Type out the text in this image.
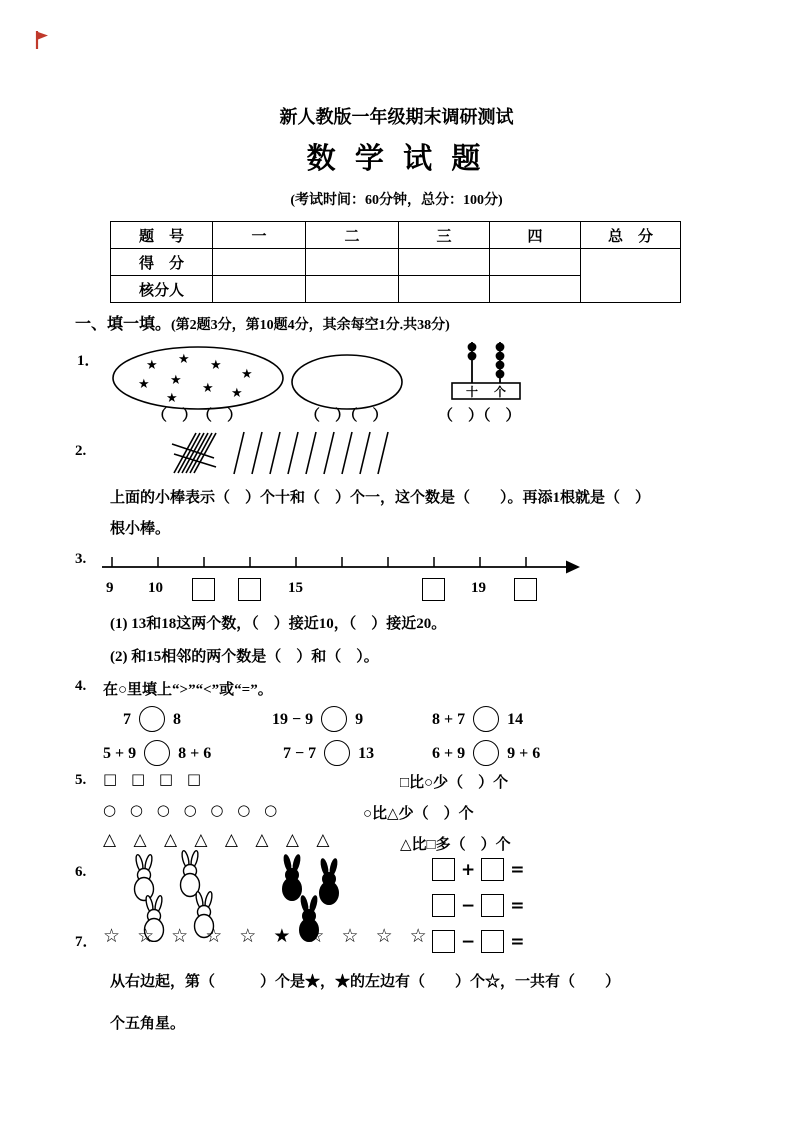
新人教版一年级期末调研测试
数 学 试 题
(考试时间：60分钟，总分：100分)
题　号	一	二	三	四	总　分
得　分					
核分人					
一、填一填。(第2题3分，第10题4分，其余每空1分.共38分)
1．	★ ★ ★
★
★ ★
★ ★
★	十 个
（　）　（　）	（　）（　）	（　）（　）
2.
上面的小棒表示（　）个十和（　）个一，这个数是（　　）。再添1根就是（　）
根小棒。
3.
9 10	15	19
(1) 13和18这两个数，（　）接近10，（　）接近20。
(2) 和15相邻的两个数是（　）和（　）。
4. 在○里填上“>”“<”或“=”。
7	8	19 − 9	9	8 + 7	14
5 + 9	8 + 6	7 − 7	13	6 + 9	9 + 6
5. □ □ □ □	□比○少（　）个
○ ○ ○ ○ ○ ○ ○	○比△少（　）个
△ △ △ △ △ △ △ △	△比□多（　）个
6.	+ =
− =
− =
7． ☆ ☆ ☆ ☆ ☆ ★ ☆ ☆ ☆ ☆
从右边起，第（　　　）个是★，★的左边有（　　）个☆，一共有（　　）
个五角星。
